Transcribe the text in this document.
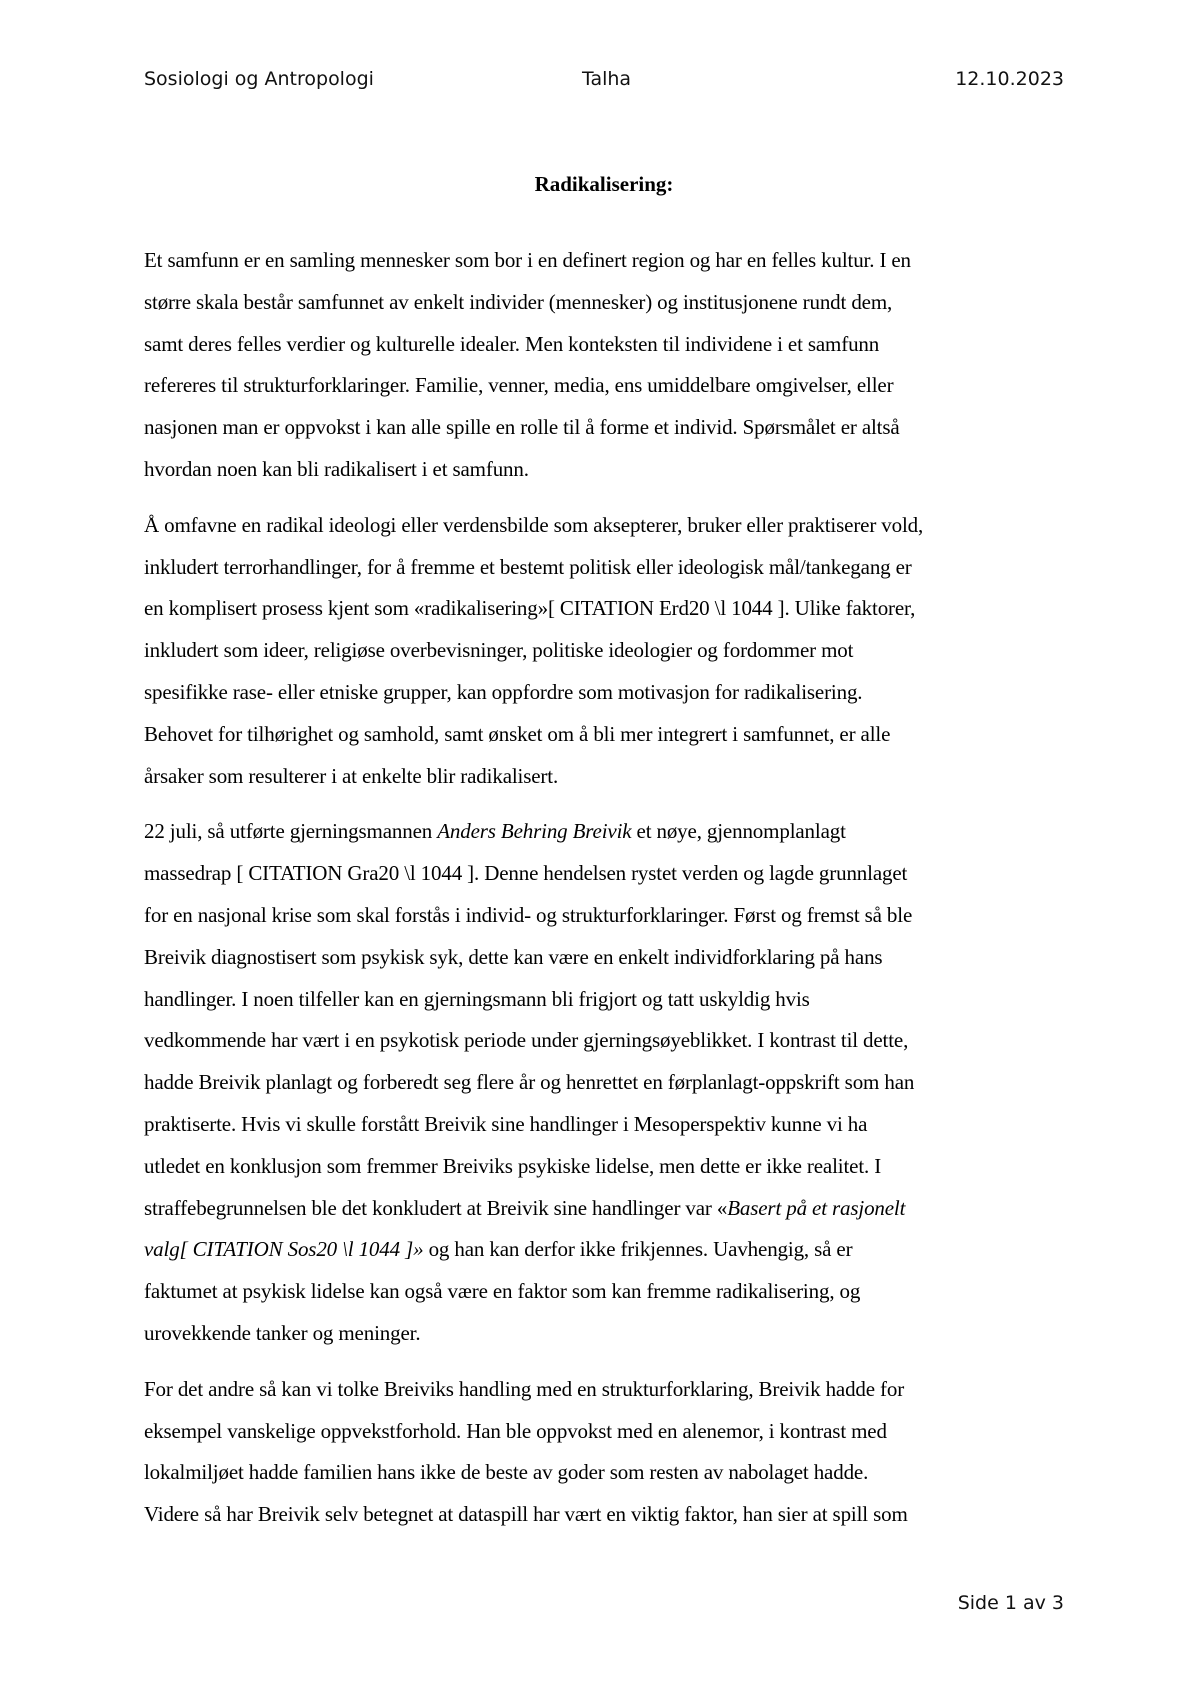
Sosiologi og Antropologi	Talha	12.10.2023
Radikalisering:

Et samfunn er en samling mennesker som bor i en definert region og har en felles kultur. I en
større skala består samfunnet av enkelt individer (mennesker) og institusjonene rundt dem,
samt deres felles verdier og kulturelle idealer. Men konteksten til individene i et samfunn
refereres til strukturforklaringer. Familie, venner, media, ens umiddelbare omgivelser, eller
nasjonen man er oppvokst i kan alle spille en rolle til å forme et individ. Spørsmålet er altså
hvordan noen kan bli radikalisert i et samfunn.

Å omfavne en radikal ideologi eller verdensbilde som aksepterer, bruker eller praktiserer vold,
inkludert terrorhandlinger, for å fremme et bestemt politisk eller ideologisk mål/tankegang er
en komplisert prosess kjent som «radikalisering»[ CITATION Erd20 \l 1044 ]. Ulike faktorer,
inkludert som ideer, religiøse overbevisninger, politiske ideologier og fordommer mot
spesifikke rase- eller etniske grupper, kan oppfordre som motivasjon for radikalisering.
Behovet for tilhørighet og samhold, samt ønsket om å bli mer integrert i samfunnet, er alle
årsaker som resulterer i at enkelte blir radikalisert.

22 juli, så utførte gjerningsmannen Anders Behring Breivik et nøye, gjennomplanlagt
massedrap [ CITATION Gra20 \l 1044 ]. Denne hendelsen rystet verden og lagde grunnlaget
for en nasjonal krise som skal forstås i individ- og strukturforklaringer. Først og fremst så ble
Breivik diagnostisert som psykisk syk, dette kan være en enkelt individforklaring på hans
handlinger. I noen tilfeller kan en gjerningsmann bli frigjort og tatt uskyldig hvis
vedkommende har vært i en psykotisk periode under gjerningsøyeblikket. I kontrast til dette,
hadde Breivik planlagt og forberedt seg flere år og henrettet en førplanlagt-oppskrift som han
praktiserte. Hvis vi skulle forstått Breivik sine handlinger i Mesoperspektiv kunne vi ha
utledet en konklusjon som fremmer Breiviks psykiske lidelse, men dette er ikke realitet. I
straffebegrunnelsen ble det konkludert at Breivik sine handlinger var «Basert på et rasjonelt
valg[ CITATION Sos20 \l 1044 ]» og han kan derfor ikke frikjennes. Uavhengig, så er
faktumet at psykisk lidelse kan også være en faktor som kan fremme radikalisering, og
urovekkende tanker og meninger.

For det andre så kan vi tolke Breiviks handling med en strukturforklaring, Breivik hadde for
eksempel vanskelige oppvekstforhold. Han ble oppvokst med en alenemor, i kontrast med
lokalmiljøet hadde familien hans ikke de beste av goder som resten av nabolaget hadde.
Videre så har Breivik selv betegnet at dataspill har vært en viktig faktor, han sier at spill som

Side 1 av 3
